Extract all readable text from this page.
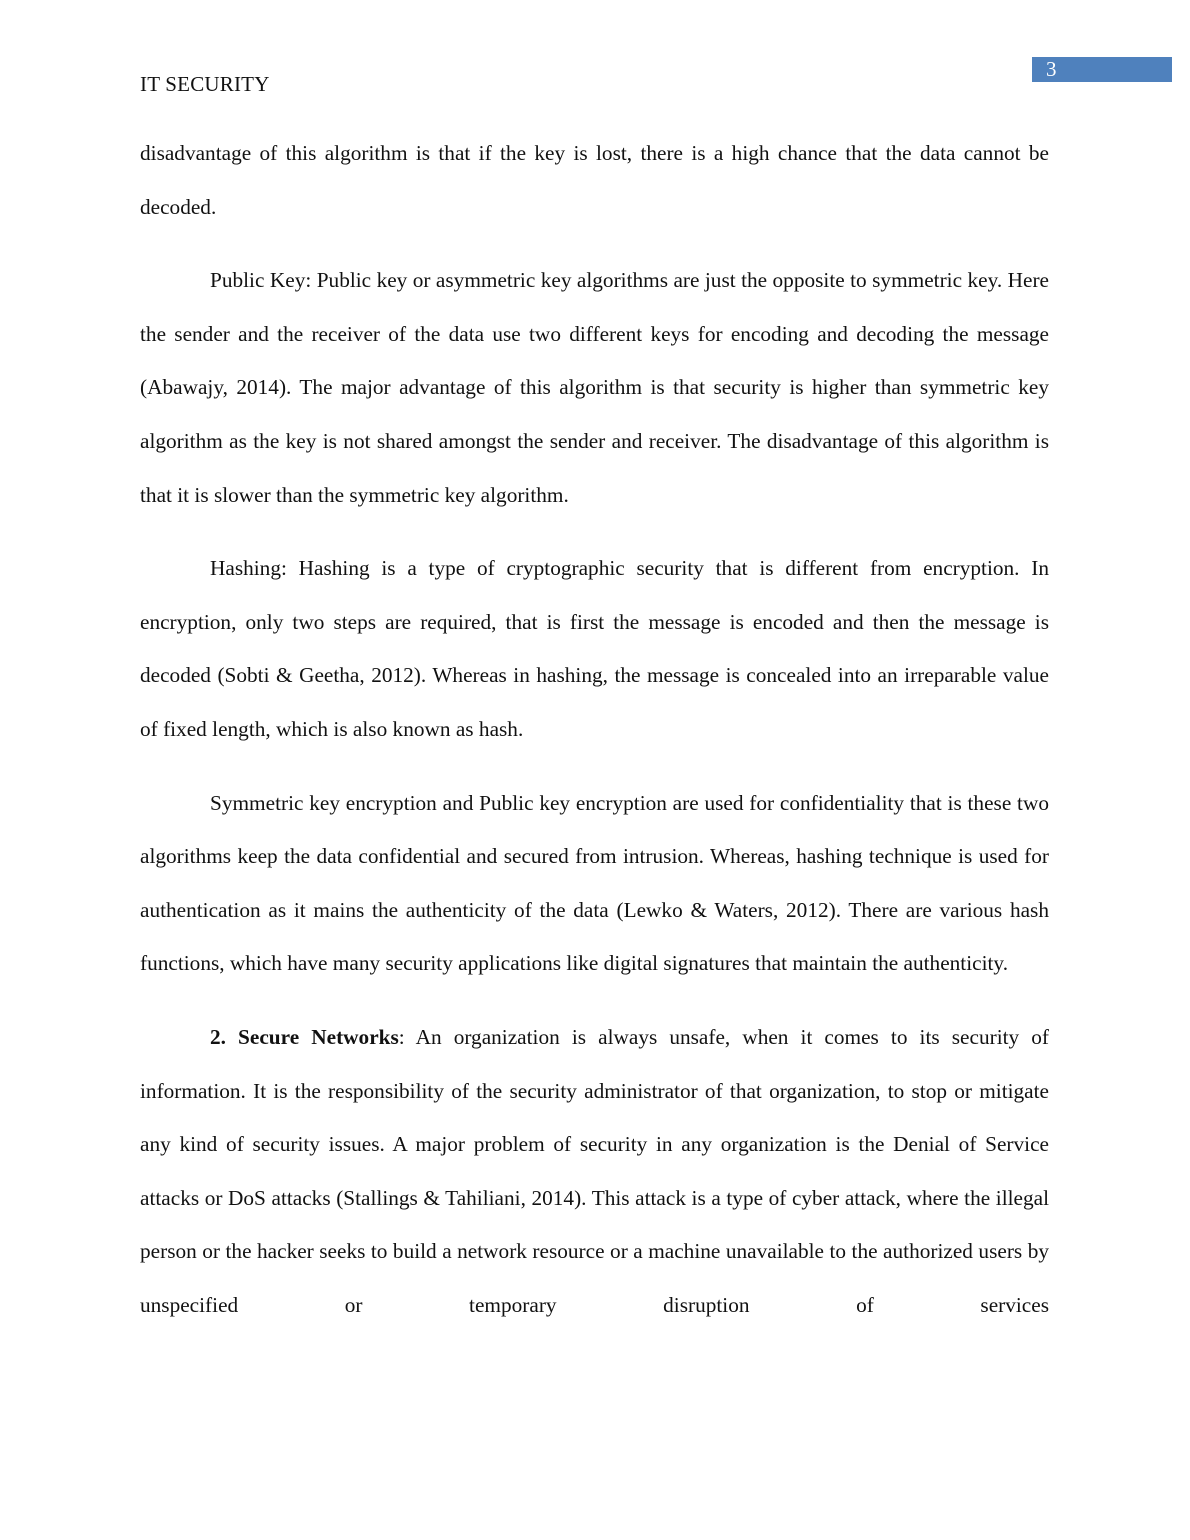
3
IT SECURITY

disadvantage of this algorithm is that if the key is lost, there is a high chance that the data cannot be decoded.

Public Key: Public key or asymmetric key algorithms are just the opposite to symmetric key. Here the sender and the receiver of the data use two different keys for encoding and decoding the message (Abawajy, 2014). The major advantage of this algorithm is that security is higher than symmetric key algorithm as the key is not shared amongst the sender and receiver. The disadvantage of this algorithm is that it is slower than the symmetric key algorithm.

Hashing: Hashing is a type of cryptographic security that is different from encryption. In encryption, only two steps are required, that is first the message is encoded and then the message is decoded (Sobti & Geetha, 2012). Whereas in hashing, the message is concealed into an irreparable value of fixed length, which is also known as hash.

Symmetric key encryption and Public key encryption are used for confidentiality that is these two algorithms keep the data confidential and secured from intrusion. Whereas, hashing technique is used for authentication as it mains the authenticity of the data (Lewko & Waters, 2012). There are various hash functions, which have many security applications like digital signatures that maintain the authenticity.

2. Secure Networks: An organization is always unsafe, when it comes to its security of information. It is the responsibility of the security administrator of that organization, to stop or mitigate any kind of security issues. A major problem of security in any organization is the Denial of Service attacks or DoS attacks (Stallings & Tahiliani, 2014). This attack is a type of cyber attack, where the illegal person or the hacker seeks to build a network resource or a machine unavailable to the authorized users by unspecified or temporary disruption of services
